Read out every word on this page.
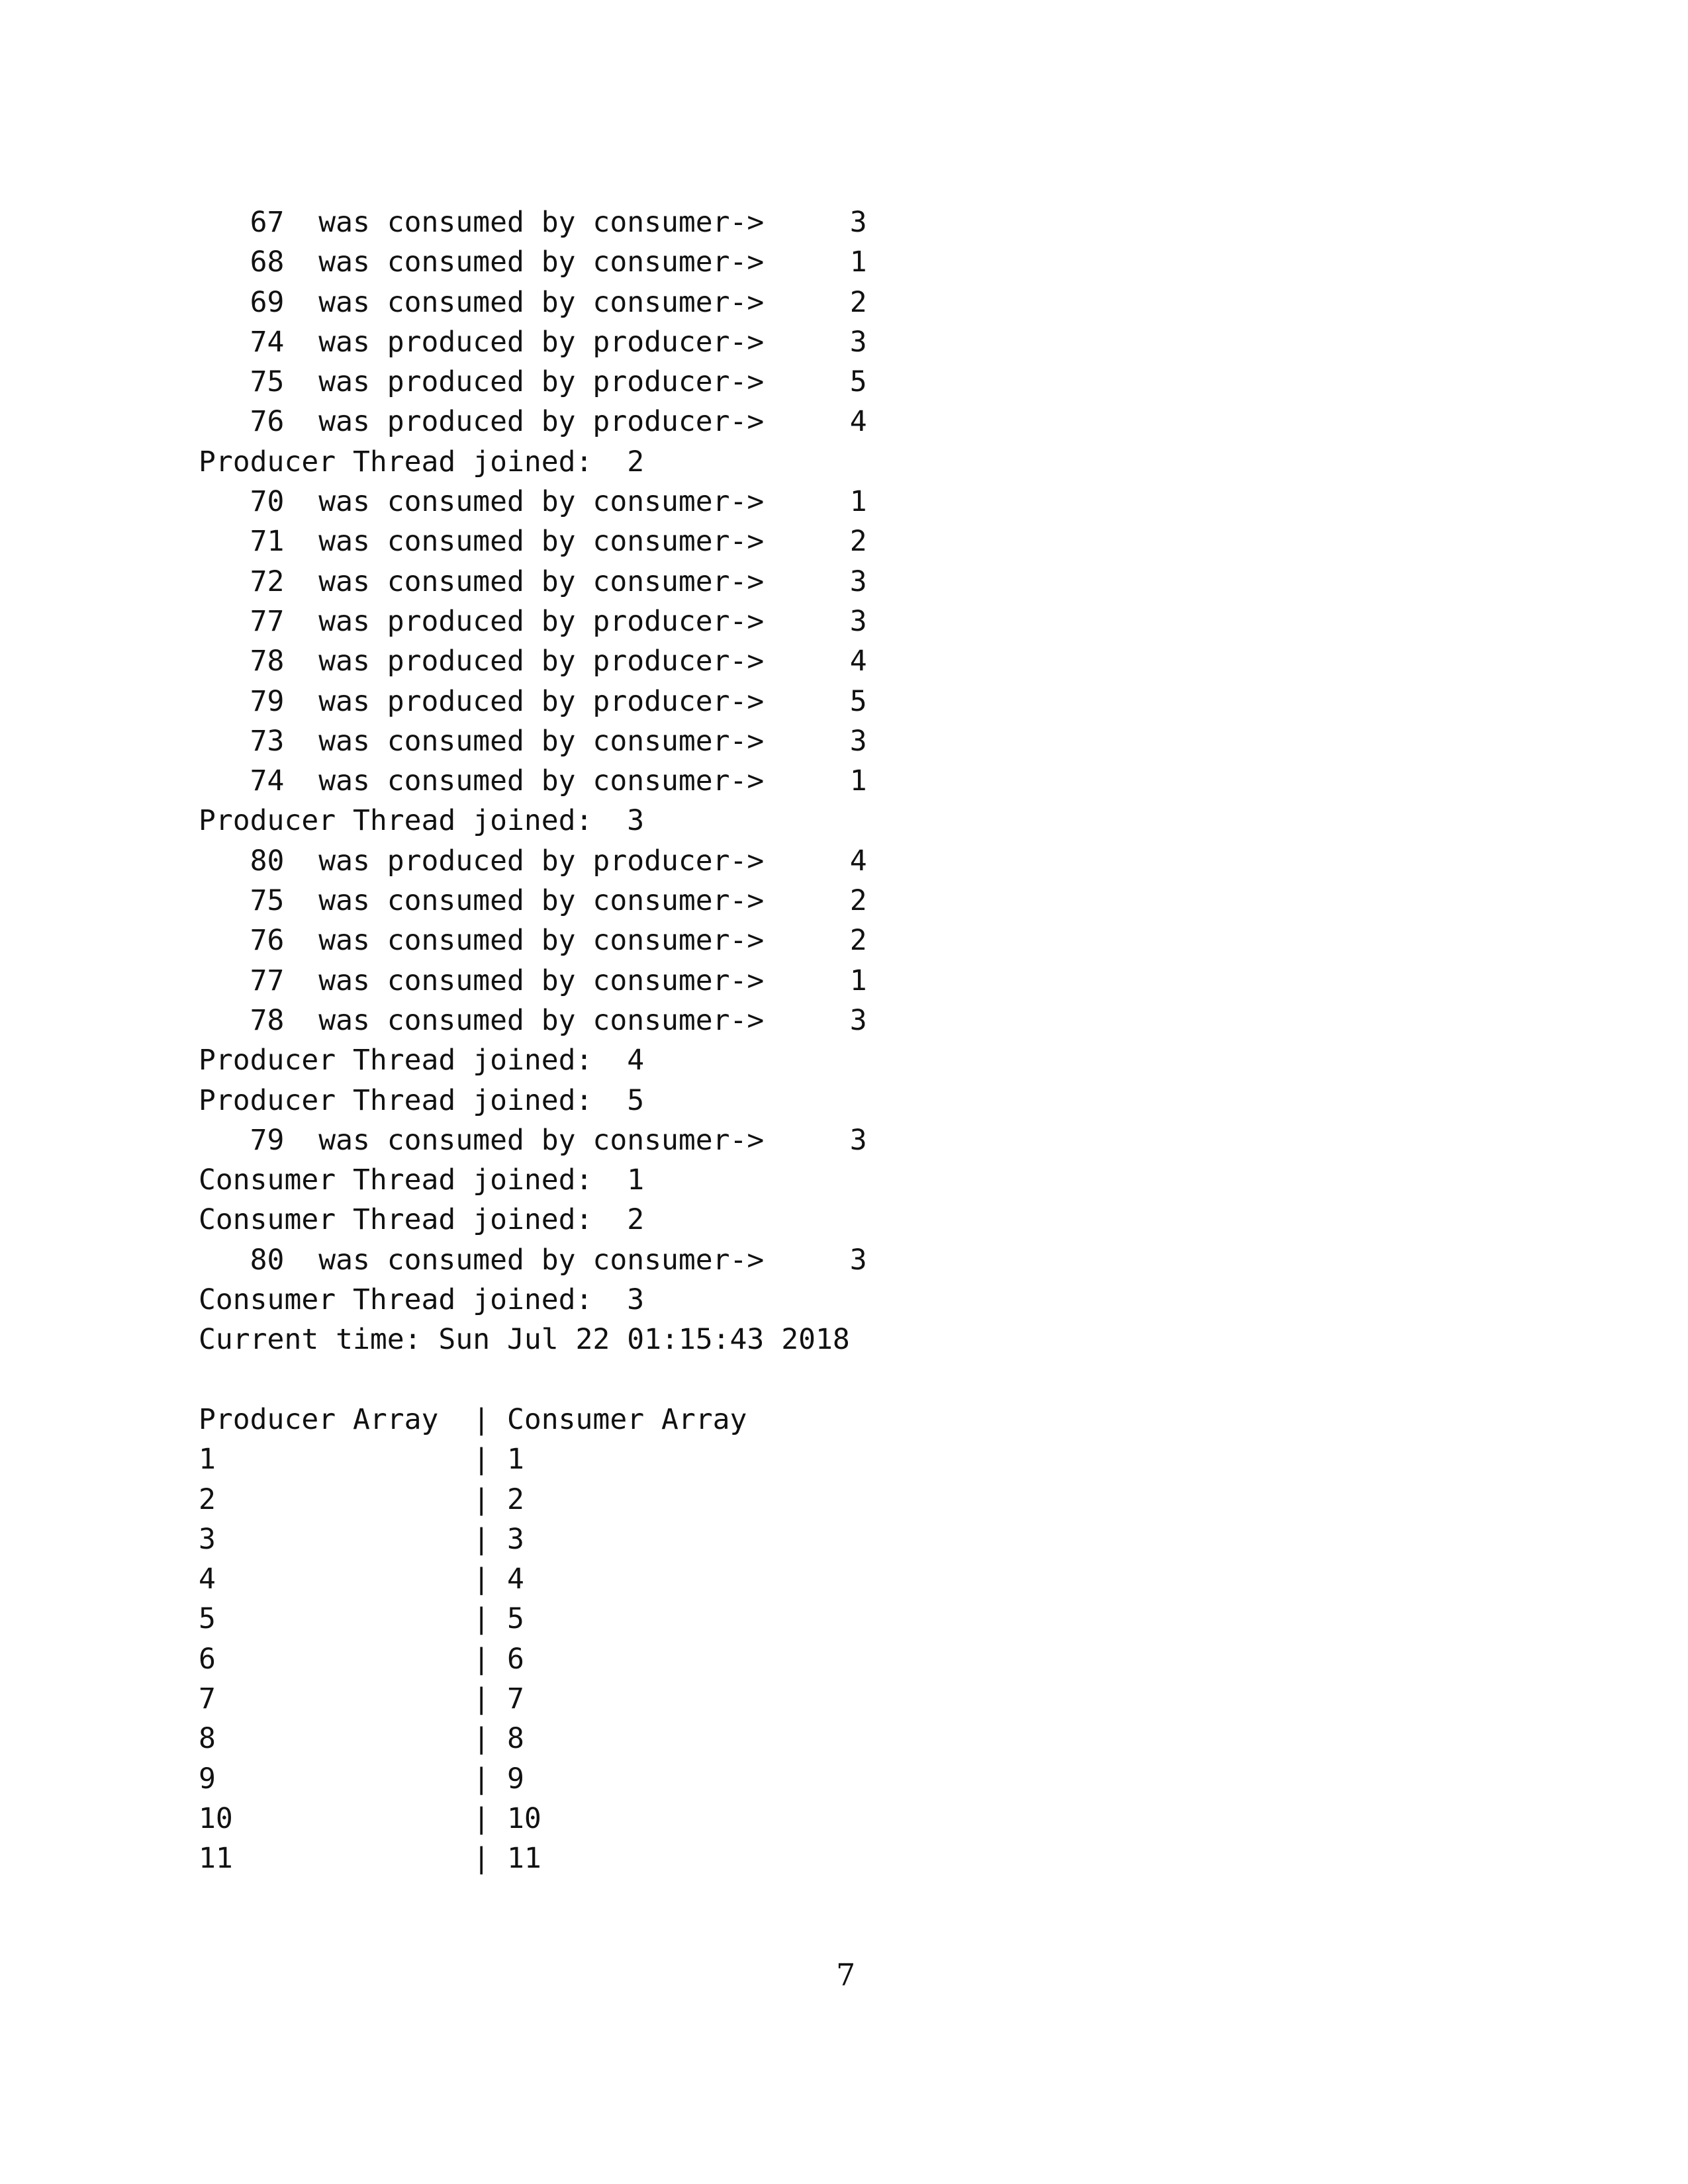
67  was consumed by consumer->     3
68  was consumed by consumer->     1
69  was consumed by consumer->     2
74  was produced by producer->     3
75  was produced by producer->     5
76  was produced by producer->     4
Producer Thread joined:  2
70  was consumed by consumer->     1
71  was consumed by consumer->     2
72  was consumed by consumer->     3
77  was produced by producer->     3
78  was produced by producer->     4
79  was produced by producer->     5
73  was consumed by consumer->     3
74  was consumed by consumer->     1
Producer Thread joined:  3
80  was produced by producer->     4
75  was consumed by consumer->     2
76  was consumed by consumer->     2
77  was consumed by consumer->     1
78  was consumed by consumer->     3
Producer Thread joined:  4
Producer Thread joined:  5
79  was consumed by consumer->     3
Consumer Thread joined:  1
Consumer Thread joined:  2
80  was consumed by consumer->     3
Consumer Thread joined:  3
Current time: Sun Jul 22 01:15:43 2018
Producer Array  | Consumer Array
1               | 1
2               | 2
3               | 3
4               | 4
5               | 5
6               | 6
7               | 7
8               | 8
9               | 9
10              | 10
11              | 11
7
